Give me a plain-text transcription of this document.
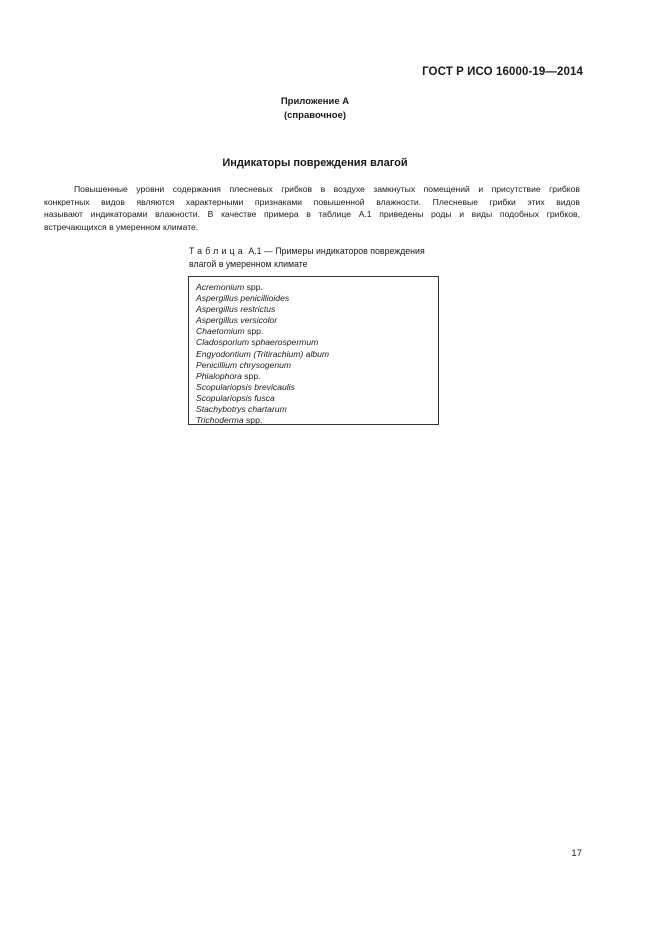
ГОСТ Р ИСО 16000-19—2014
Приложение А
(справочное)
Индикаторы повреждения влагой
Повышенные уровни содержания плесневых грибков в воздухе замкнутых помещений и присутствие грибков
конкретных видов являются характерными признаками повышенной влажности. Плесневые грибки этих видов
называют индикаторами влажности. В качестве примера в таблице А.1 приведены роды и виды подобных грибков,
встречающихся в умеренном климате.
Таблица А.1 — Примеры индикаторов повреждения
влагой в умеренном климате
Acremonium spp.
Aspergillus penicillioides
Aspergillus restrictus
Aspergillus versicolor
Chaetomium spp.
Cladosporium sphaerospermum
Engyodontium (Tritirachium) album
Penicillium chrysogenum
Phialophora spp.
Scopulariopsis brevicaulis
Scopulariopsis fusca
Stachybotrys chartarum
Trichoderma spp.
17
